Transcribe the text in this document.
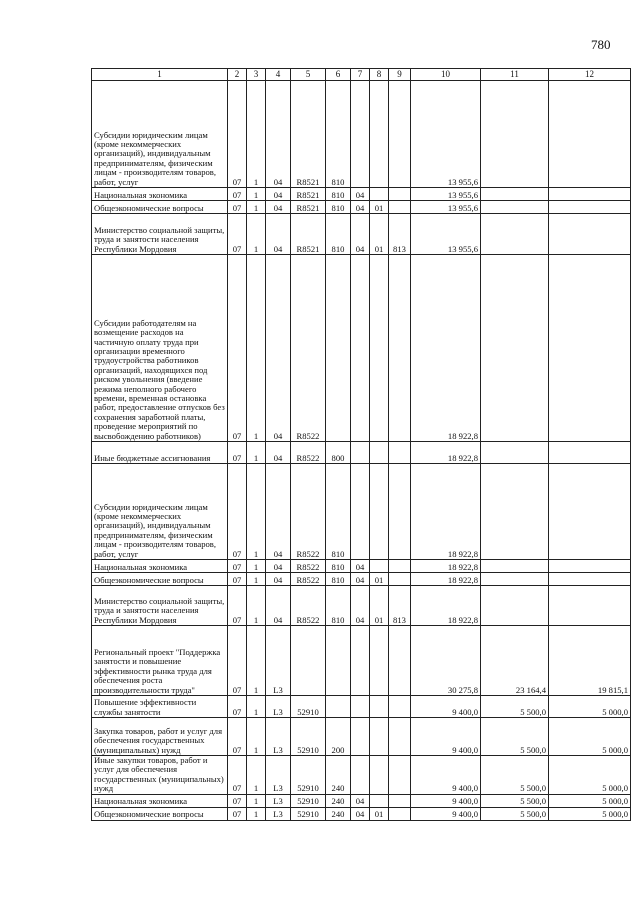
780
1	2	3	4	5	6	7	8	9	10	11	12
Субсидии юридическим лицам (кроме некоммерческих организаций), индивидуальным предпринимателям, физическим лицам - производителям товаров, работ, услуг	07	1	04	R8521	810				13 955,6		
Национальная экономика	07	1	04	R8521	810	04			13 955,6		
Общеэкономические вопросы	07	1	04	R8521	810	04	01		13 955,6		
Министерство социальной защиты, труда и занятости населения Республики Мордовия	07	1	04	R8521	810	04	01	813	13 955,6		
Субсидии работодателям на возмещение расходов на частичную оплату труда при организации временного трудоустройства работников организаций, находящихся под риском увольнения (введение режима неполного рабочего времени, временная остановка работ, предоставление отпусков без сохранения заработной платы, проведение мероприятий по высвобождению работников)	07	1	04	R8522					18 922,8		
Иные бюджетные ассигнования	07	1	04	R8522	800				18 922,8		
Субсидии юридическим лицам (кроме некоммерческих организаций), индивидуальным предпринимателям, физическим лицам - производителям товаров, работ, услуг	07	1	04	R8522	810				18 922,8		
Национальная экономика	07	1	04	R8522	810	04			18 922,8		
Общеэкономические вопросы	07	1	04	R8522	810	04	01		18 922,8		
Министерство социальной защиты, труда и занятости населения Республики Мордовия	07	1	04	R8522	810	04	01	813	18 922,8		
Региональный проект "Поддержка занятости и повышение эффективности рынка труда для обеспечения роста производительности труда"	07	1	L3						30 275,8	23 164,4	19 815,1
Повышение эффективности службы занятости	07	1	L3	52910					9 400,0	5 500,0	5 000,0
Закупка товаров, работ и услуг для обеспечения государственных (муниципальных) нужд	07	1	L3	52910	200				9 400,0	5 500,0	5 000,0
Иные закупки товаров, работ и услуг для обеспечения государственных (муниципальных) нужд	07	1	L3	52910	240				9 400,0	5 500,0	5 000,0
Национальная экономика	07	1	L3	52910	240	04			9 400,0	5 500,0	5 000,0
Общеэкономические вопросы	07	1	L3	52910	240	04	01		9 400,0	5 500,0	5 000,0
